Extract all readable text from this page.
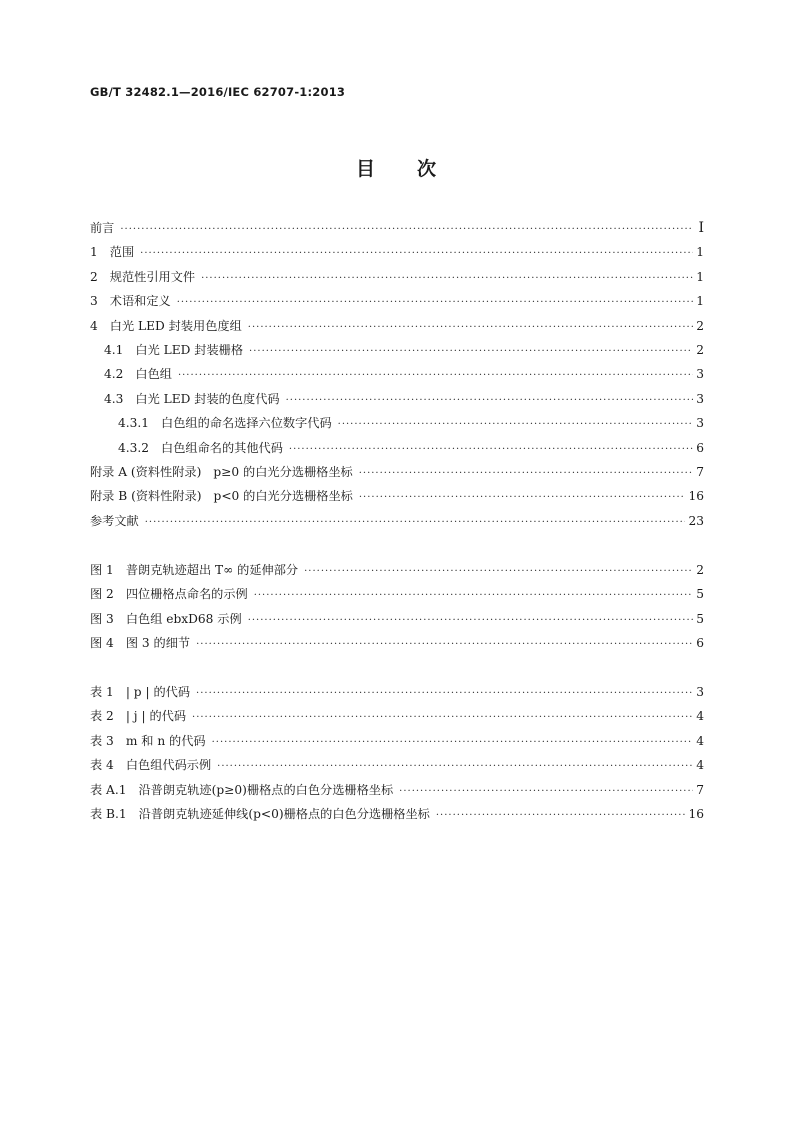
GB/T 32482.1—2016/IEC 62707-1:2013
目 次
前言 ·····	Ⅰ
1 范围 ·····	1
2 规范性引用文件 ·····	1
3 术语和定义 ·····	1
4 白光 LED 封装用色度组 ·····	2
4.1 白光 LED 封装栅格 ·····	2
4.2 白色组 ·····	3
4.3 白光 LED 封装的色度代码 ·····	3
4.3.1 白色组的命名选择六位数字代码 ·····	3
4.3.2 白色组命名的其他代码 ·····	6
附录 A (资料性附录) p≥0 的白光分选栅格坐标 ·····	7
附录 B (资料性附录) p<0 的白光分选栅格坐标 ·····	16
参考文献 ·····	23
图 1 普朗克轨迹超出 T∞ 的延伸部分 ·····	2
图 2 四位栅格点命名的示例 ·····	5
图 3 白色组 ebxD68 示例 ·····	5
图 4 图 3 的细节 ·····	6
表 1 | p | 的代码 ·····	3
表 2 | j | 的代码 ·····	4
表 3 m 和 n 的代码 ·····	4
表 4 白色组代码示例 ·····	4
表 A.1 沿普朗克轨迹(p≥0)栅格点的白色分选栅格坐标 ·····	7
表 B.1 沿普朗克轨迹延伸线(p<0)栅格点的白色分选栅格坐标 ·····	16
